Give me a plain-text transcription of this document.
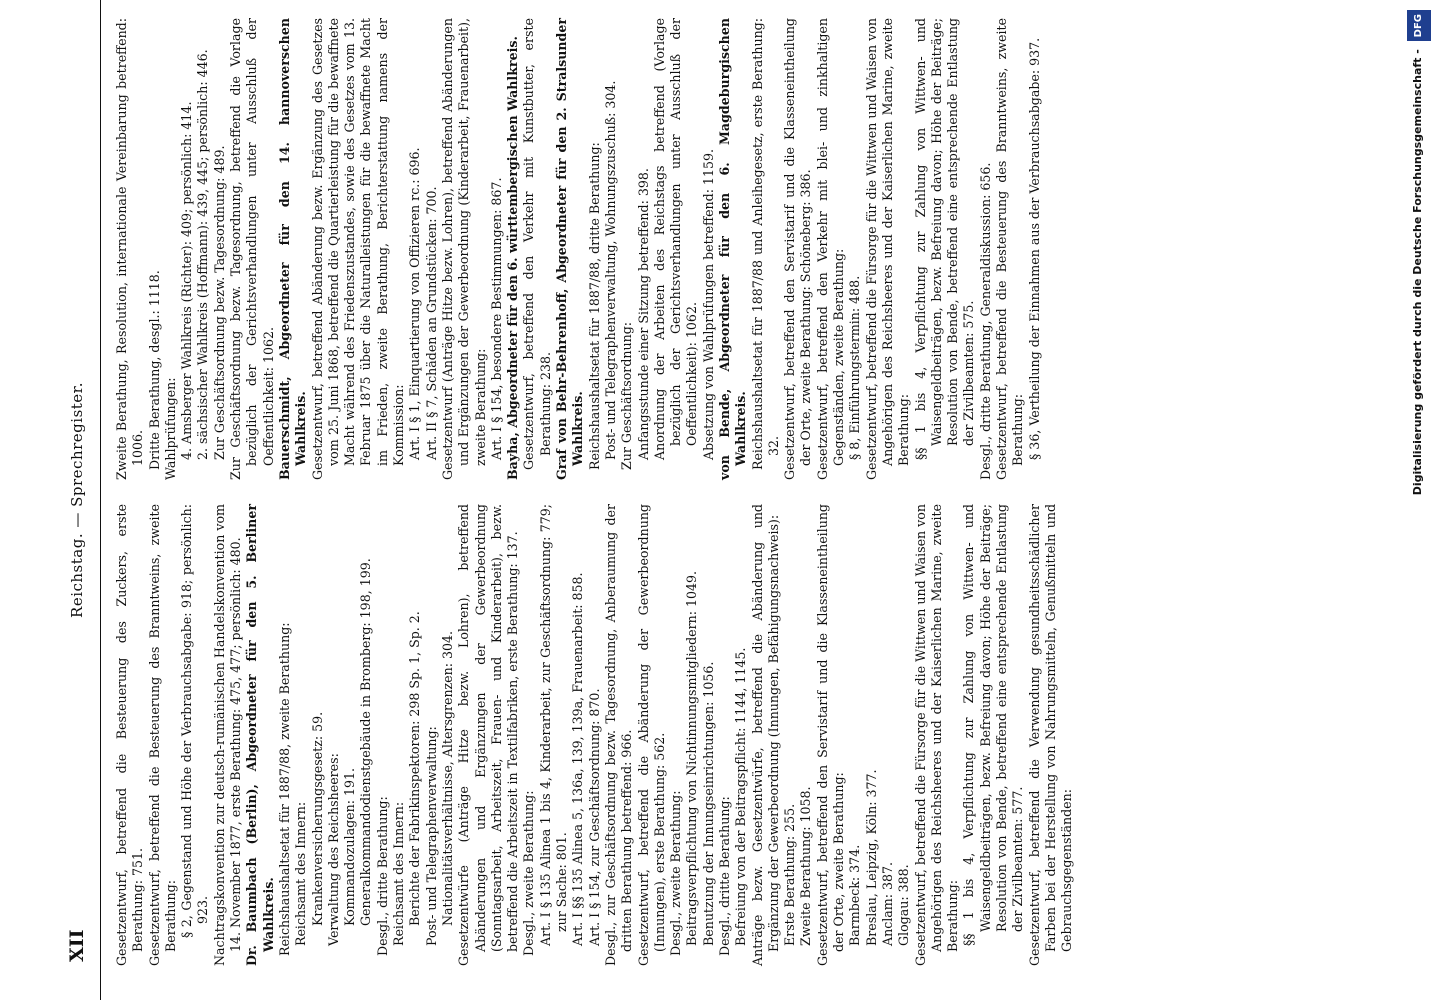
XII
Reichstag. — Sprechregister.
Gesetzentwurf, betreffend die Besteuerung des Zuckers, erste Berathung: 751. Gesetzentwurf, betreffend die Besteuerung des Branntweins, zweite Berathung: § 2, Gegenstand und Höhe der Verbrauchsabgabe: 918; persönlich: 923. Nachtragskonvention zur deutsch-rumänischen Handelskonvention vom 14. November 1877, erste Berathung: 475, 477; persönlich: 480. Dr. Baumbach (Berlin), Abgeordneter für den 5. Berliner Wahlkreis. Reichshaushaltsetat für 1887/88, zweite Berathung: Reichsamt des Innern: Krankenversicherungsgesetz: 59. Verwaltung des Reichsheeres: Kommandozulagen: 191. Generalkommandodienstgebäude in Bromberg: 198, 199. Desgl., dritte Berathung: Reichsamt des Innern: Berichte der Fabrikinspektoren: 298 Sp. 1, Sp. 2. Post- und Telegraphenverwaltung: Nationalitätsverhältnisse, Altersgrenzen: 304. Gesetzentwürfe (Anträge Hitze bezw. Lohren), betreffend Abänderungen und Ergänzungen der Gewerbeordnung (Sonntagsarbeit, Arbeitszeit, Frauen- und Kinderarbeit), bezw. betreffend die Arbeitszeit in Textilfabriken, erste Berathung: 137. Desgl., zweite Berathung: Art. I § 135 Alinea 1 bis 4, Kinderarbeit, zur Geschäftsordnung: 779; zur Sache: 801. Art. I §§ 135 Alinea 5, 136a, 139, 139a, Frauenarbeit: 858. Art. I § 154, zur Geschäftsordnung: 870. Desgl., zur Geschäftsordnung bezw. Tagesordnung, Anberaumung der dritten Berathung betreffend: 966. Gesetzentwurf, betreffend die Abänderung der Gewerbeordnung (Innungen), erste Berathung: 562. Desgl., zweite Berathung: Beitragsverpflichtung von Nichtinnungsmitgliedern: 1049. Benutzung der Innungseinrichtungen: 1056. Desgl., dritte Berathung: Befreiung von der Beitragspflicht: 1144, 1145. Anträge bezw. Gesetzentwürfe, betreffend die Abänderung und Ergänzung der Gewerbeordnung (Innungen, Befähigungsnachweis): Erste Berathung: 255. Zweite Berathung: 1058. Gesetzentwurf, betreffend den Servistarif und die Klasseneintheilung der Orte, zweite Berathung: Barmbeck: 374. Breslau, Leipzig, Köln: 377. Anclam: 387. Glogau: 388. Gesetzentwurf, betreffend die Fürsorge für die Wittwen und Waisen von Angehörigen des Reichsheeres und der Kaiserlichen Marine, zweite Berathung: §§ 1 bis 4, Verpflichtung zur Zahlung von Wittwen- und Waisengeldbeiträgen, bezw. Befreiung davon; Höhe der Beiträge; Resolution von Bende, betreffend eine entsprechende Entlastung der Zivilbeamten: 577. Gesetzentwurf, betreffend die Verwendung gesundheitsschädlicher Farben bei der Herstellung von Nahrungsmitteln, Genußmitteln und Gebrauchsgegenständen:
Zweite Berathung, Resolution, internationale Vereinbarung betreffend: 1006. Dritte Berathung, desgl.: 1118. Wahlprüfungen: 4. Amsberger Wahlkreis (Richter): 409; persönlich: 414. 2. sächsischer Wahlkreis (Hoffmann): 439, 445; persönlich: 446. Zur Geschäftsordnung bezw. Tagesordnung: 489. Zur Geschäftsordnung bezw. Tagesordnung, betreffend die Vorlage bezüglich der Gerichtsverhandlungen unter Ausschluß der Oeffentlichkeit: 1062. Bauerschmidt, Abgeordneter für den 14. hannoverschen Wahlkreis. Gesetzentwurf, betreffend Abänderung bezw. Ergänzung des Gesetzes vom 25. Juni 1868, betreffend die Quartierleistung für die bewaffnete Macht während des Friedenszustandes, sowie des Gesetzes vom 13. Februar 1875 über die Naturalleistungen für die bewaffnete Macht im Frieden, zweite Berathung, Berichterstattung namens der Kommission: Art. I § 1, Einquartierung von Offizieren rc.: 696. Art. II § 7, Schäden an Grundstücken: 700. Gesetzentwurf (Anträge Hitze bezw. Lohren), betreffend Abänderungen und Ergänzungen der Gewerbeordnung (Kinderarbeit, Frauenarbeit), zweite Berathung: Art. I § 154, besondere Bestimmungen: 867. Bayha, Abgeordneter für den 6. württembergischen Wahlkreis. Gesetzentwurf, betreffend den Verkehr mit Kunstbutter, erste Berathung: 238. Graf von Behr-Behrenhoff, Abgeordneter für den 2. Stralsunder Wahlkreis. Reichshaushaltsetat für 1887/88, dritte Berathung: Post- und Telegraphenverwaltung, Wohnungszuschuß: 304. Zur Geschäftsordnung: Anfangsstunde einer Sitzung betreffend: 398. Anordnung der Arbeiten des Reichstags betreffend (Vorlage bezüglich der Gerichtsverhandlungen unter Ausschluß der Oeffentlichkeit): 1062. Absetzung von Wahlprüfungen betreffend: 1159. von Bende, Abgeordneter für den 6. Magdeburgischen Wahlkreis. Reichshaushaltsetat für 1887/88 und Anleihegesetz, erste Berathung: 32. Gesetzentwurf, betreffend den Servistarif und die Klasseneintheilung der Orte, zweite Berathung: Schöneberg: 386. Gesetzentwurf, betreffend den Verkehr mit blei- und zinkhaltigen Gegenständen, zweite Berathung: § 8, Einführungstermin: 488. Gesetzentwurf, betreffend die Fürsorge für die Wittwen und Waisen von Angehörigen des Reichsheeres und der Kaiserlichen Marine, zweite Berathung: §§ 1 bis 4, Verpflichtung zur Zahlung von Wittwen- und Waisengeldbeiträgen, bezw. Befreiung davon; Höhe der Beiträge; Resolution von Bende, betreffend eine entsprechende Entlastung der Zivilbeamten: 575. Desgl., dritte Berathung, Generaldiskussion: 656. Gesetzentwurf, betreffend die Besteuerung des Branntweins, zweite Berathung: § 36, Vertheilung der Einnahmen aus der Verbrauchsabgabe: 937.	Digitalisierung gefördert durch die Deutsche Forschungsgemeinschaft - DFG
